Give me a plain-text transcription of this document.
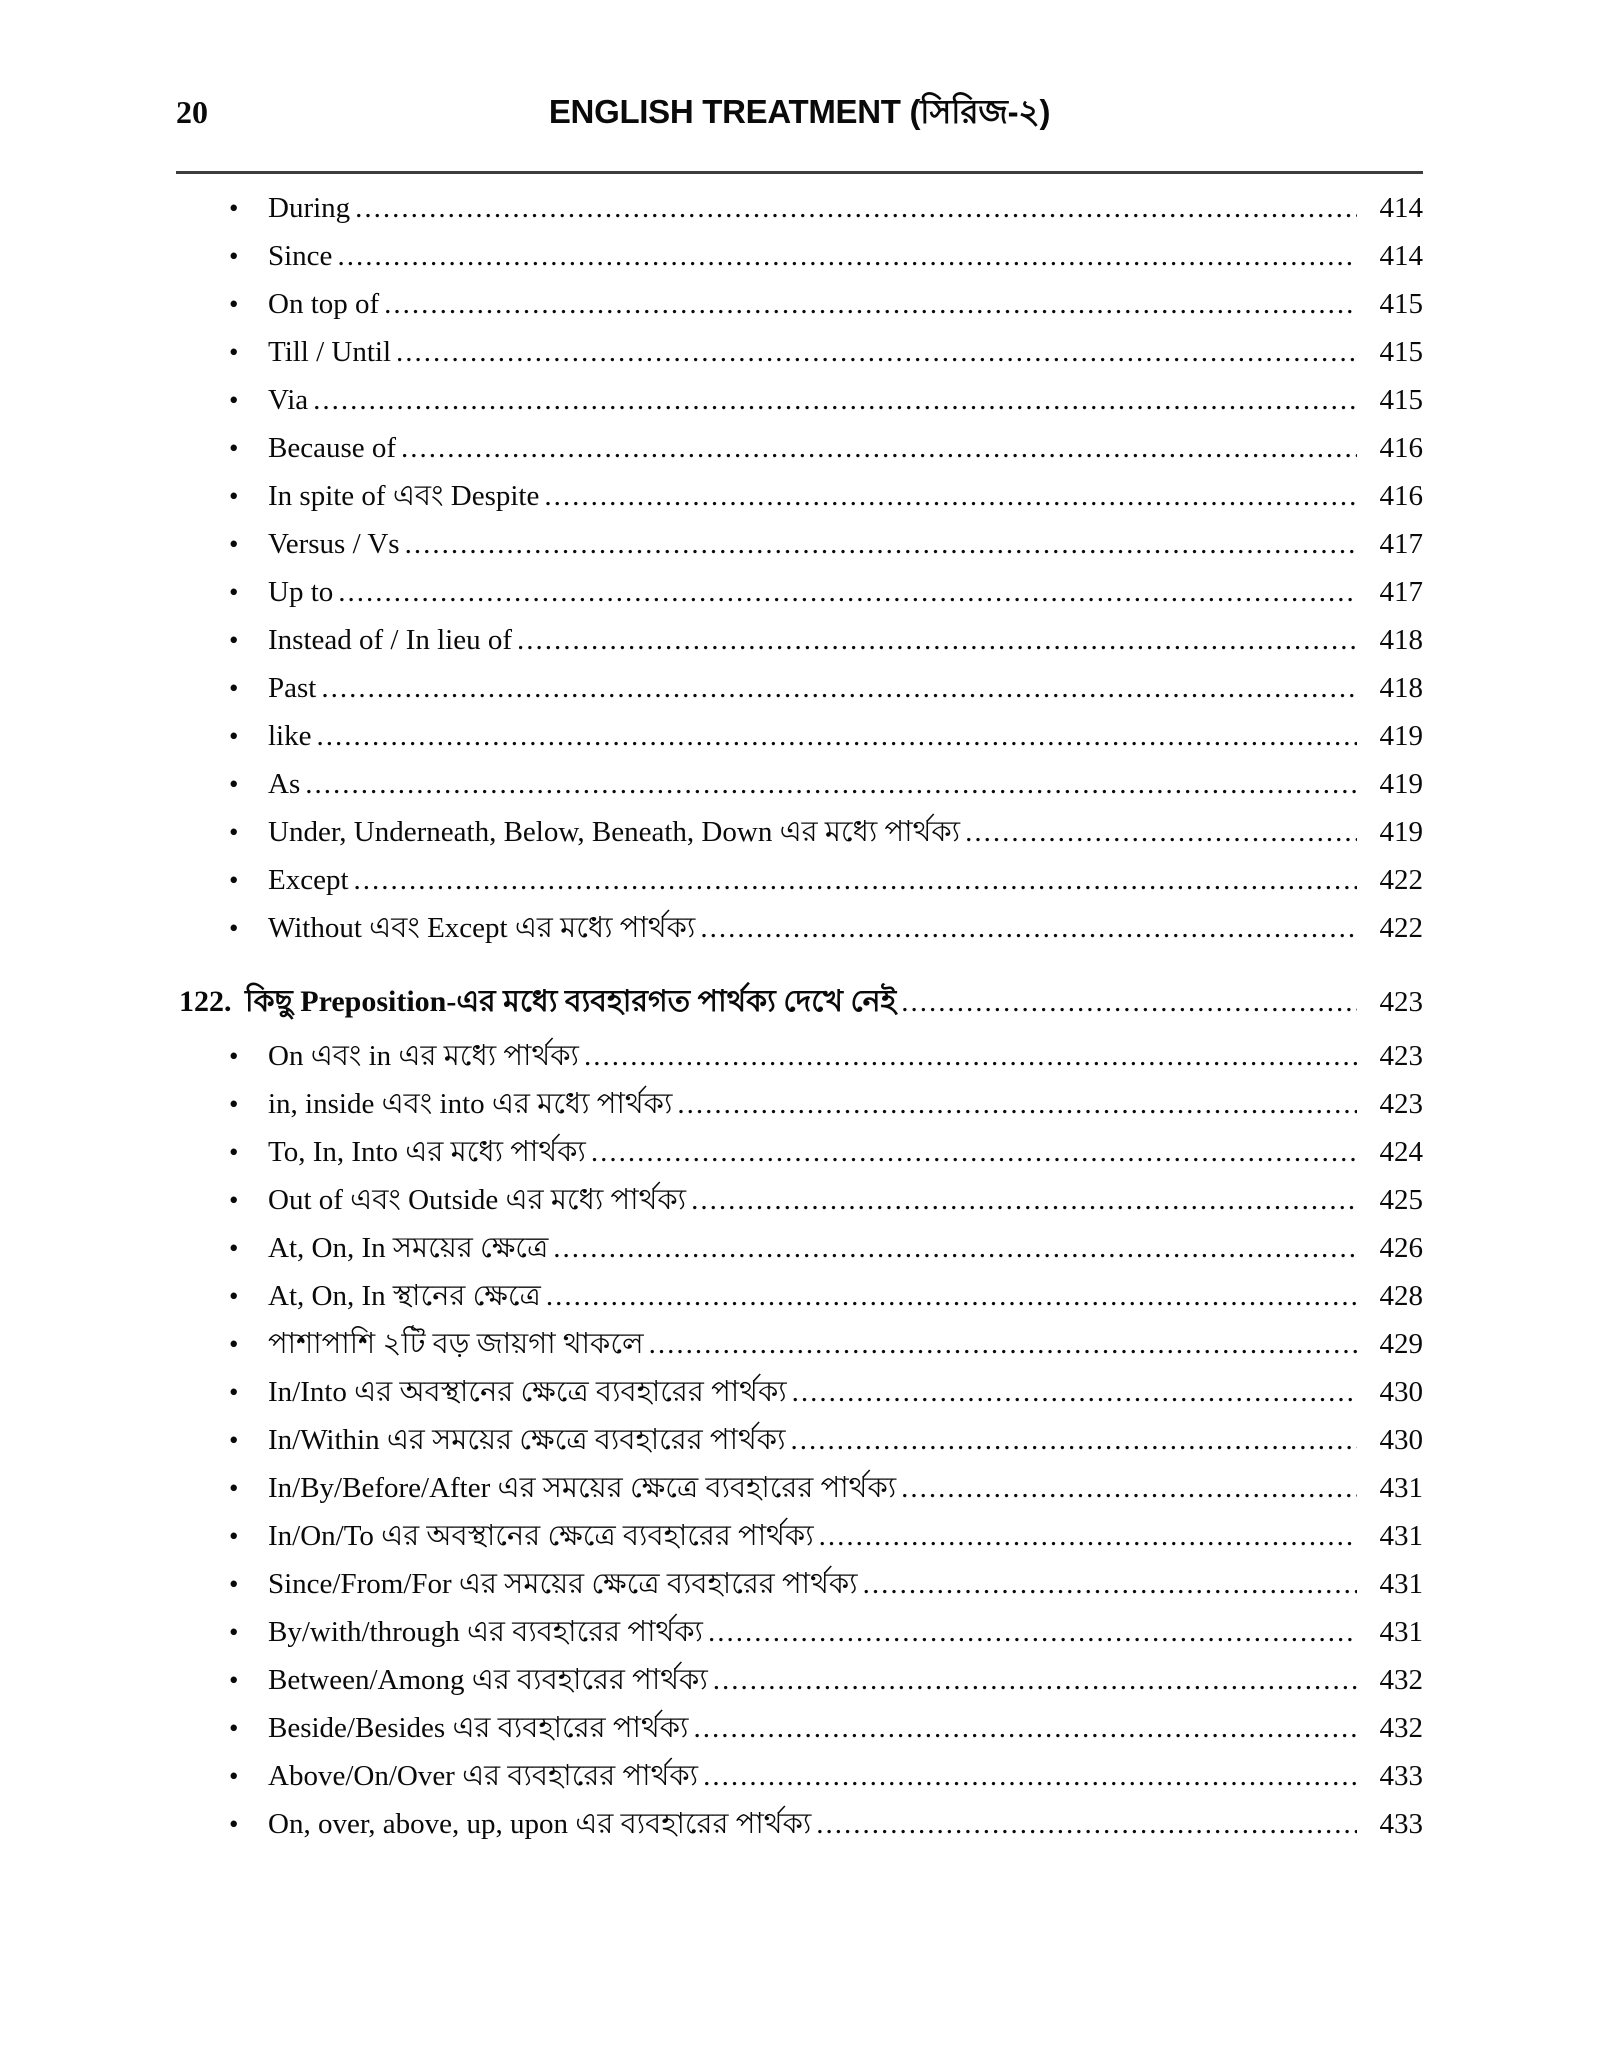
20	ENGLISH TREATMENT (সিরিজ-২)
•	During .....	414
•	Since .....	414
•	On top of .....	415
•	Till / Until .....	415
•	Via .....	415
•	Because of .....	416
•	In spite of এবং Despite .....	416
•	Versus / Vs .....	417
•	Up to .....	417
•	Instead of / In lieu of .....	418
•	Past .....	418
•	like .....	419
•	As .....	419
•	Under, Underneath, Below, Beneath, Down এর মধ্যে পার্থক্য .....	419
•	Except .....	422
•	Without এবং Except এর মধ্যে পার্থক্য .....	422
122. কিছু Preposition-এর মধ্যে ব্যবহারগত পার্থক্য দেখে নেই .....	423
•	On এবং in এর মধ্যে পার্থক্য .....	423
•	in, inside এবং into এর মধ্যে পার্থক্য .....	423
•	To, In, Into এর মধ্যে পার্থক্য .....	424
•	Out of এবং Outside এর মধ্যে পার্থক্য .....	425
•	At, On, In সময়ের ক্ষেত্রে .....	426
•	At, On, In স্থানের ক্ষেত্রে .....	428
•	পাশাপাশি ২টি বড় জায়গা থাকলে .....	429
•	In/Into এর অবস্থানের ক্ষেত্রে ব্যবহারের পার্থক্য .....	430
•	In/Within এর সময়ের ক্ষেত্রে ব্যবহারের পার্থক্য .....	430
•	In/By/Before/After এর সময়ের ক্ষেত্রে ব্যবহারের পার্থক্য .....	431
•	In/On/To এর অবস্থানের ক্ষেত্রে ব্যবহারের পার্থক্য .....	431
•	Since/From/For এর সময়ের ক্ষেত্রে ব্যবহারের পার্থক্য .....	431
•	By/with/through এর ব্যবহারের পার্থক্য .....	431
•	Between/Among এর ব্যবহারের পার্থক্য .....	432
•	Beside/Besides এর ব্যবহারের পার্থক্য .....	432
•	Above/On/Over এর ব্যবহারের পার্থক্য .....	433
•	On, over, above, up, upon এর ব্যবহারের পার্থক্য .....	433
